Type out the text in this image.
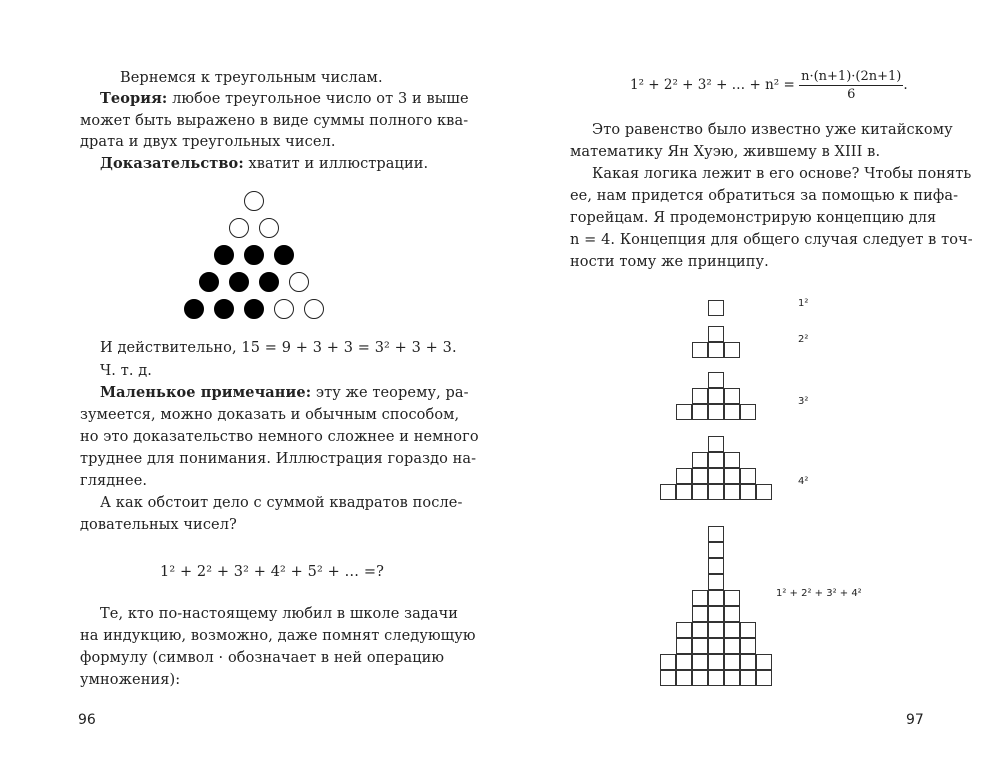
Вернемся к треугольным числам.
Теория: любое треугольное число от 3 и выше
может быть выражено в виде суммы полного ква-
драта и двух треугольных чисел.
Доказательство: хватит и иллюстрации.
И действительно, 15 = 9 + 3 + 3 = 3² + 3 + 3.
Ч. т. д.
Маленькое примечание: эту же теорему, ра-
зумеется, можно доказать и обычным способом,
но это доказательство немного сложнее и немного
труднее для понимания. Иллюстрация гораздо на-
гляднее.
А как обстоит дело с суммой квадратов после-
довательных чисел?
1² + 2² + 3² + 4² + 5² + … =?
Те, кто по-настоящему любил в школе задачи
на индукцию, возможно, даже помнят следующую
формулу (символ · обозначает в ней операцию
умножения):
96
1² + 2² + 3² + … + $n^2 = \frac{n\cdot(n+1)\cdot(2n+1)}{6}$ .
Это равенство было известно уже китайскому
математику Ян Хуэю, жившему в XIII в.
Какая логика лежит в его основе? Чтобы понять
ее, нам придется обратиться за помощью к пифа-
горейцам. Я продемонстрирую концепцию для
n = 4. Концепция для общего случая следует в точ-
ности тому же принципу.
1²
2²
3²
4²
1² + 2² + 3² + 4²
97
